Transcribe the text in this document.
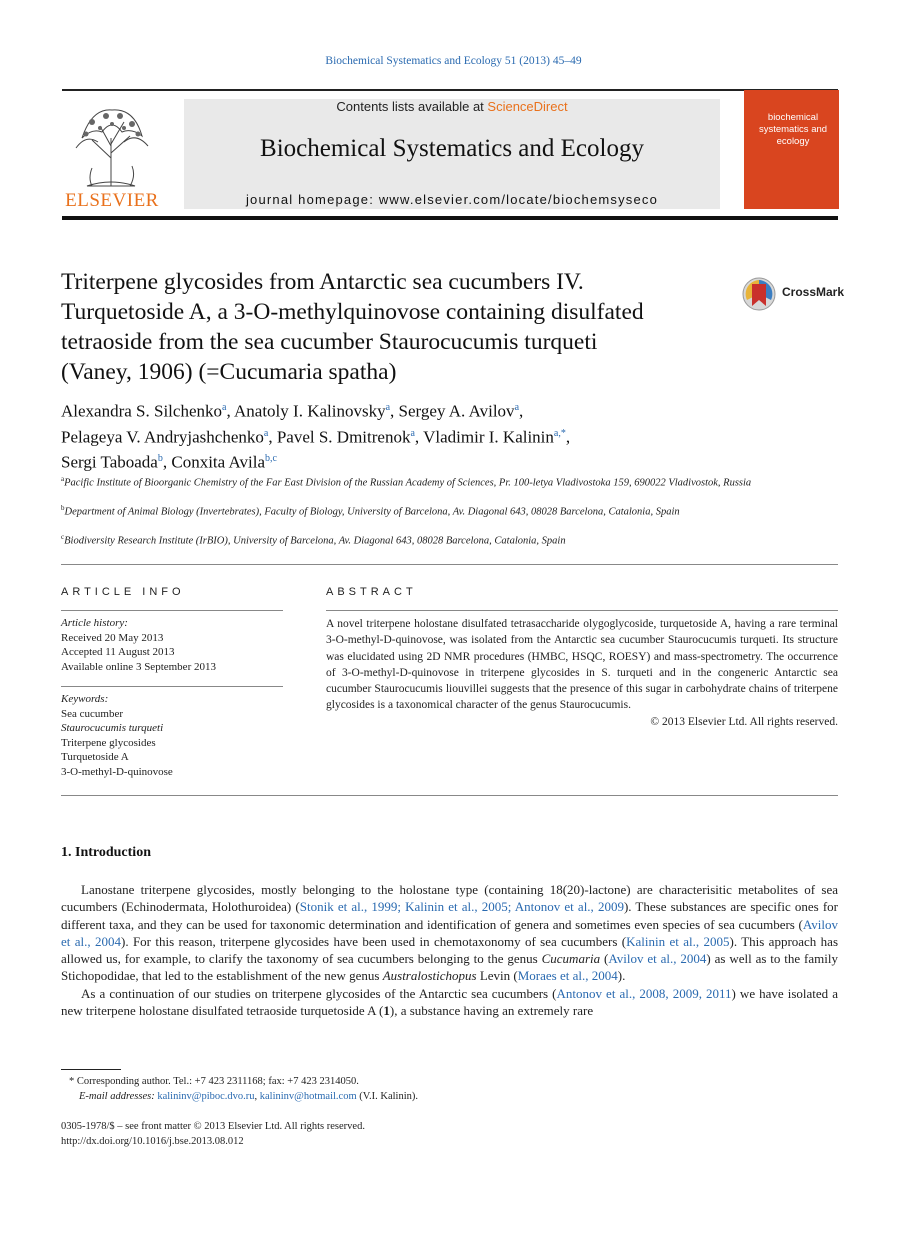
Biochemical Systematics and Ecology 51 (2013) 45–49
ELSEVIER
Contents lists available at ScienceDirect
Biochemical Systematics and Ecology
journal homepage: www.elsevier.com/locate/biochemsyseco
biochemical systematics and ecology
Triterpene glycosides from Antarctic sea cucumbers IV.
Turquetoside A, a 3-O-methylquinovose containing disulfated
tetraoside from the sea cucumber Staurocucumis turqueti
(Vaney, 1906) (=Cucumaria spatha)
CrossMark
Alexandra S. Silchenko$^a$, Anatoly I. Kalinovsky$^a$, Sergey A. Avilov$^a$,
Pelageya V. Andryjashchenko$^a$, Pavel S. Dmitrenok$^a$, Vladimir I. Kalinin$^{a,*}$,
Sergi Taboada$^b$, Conxita Avila$^{b,c}$
$^a$Pacific Institute of Bioorganic Chemistry of the Far East Division of the Russian Academy of Sciences, Pr. 100-letya Vladivostoka 159, 690022 Vladivostok, Russia
$^b$Department of Animal Biology (Invertebrates), Faculty of Biology, University of Barcelona, Av. Diagonal 643, 08028 Barcelona, Catalonia, Spain
$^c$Biodiversity Research Institute (IrBIO), University of Barcelona, Av. Diagonal 643, 08028 Barcelona, Catalonia, Spain
ARTICLE INFO
Article history:
Received 20 May 2013
Accepted 11 August 2013
Available online 3 September 2013
Keywords:
Sea cucumber
Staurocucumis turqueti
Triterpene glycosides
Turquetoside A
3-O-methyl-D-quinovose
ABSTRACT
A novel triterpene holostane disulfated tetrasaccharide olygoglycoside, turquetoside A, having a rare terminal 3-O-methyl-D-quinovose, was isolated from the Antarctic sea cucumber Staurocucumis turqueti. Its structure was elucidated using 2D NMR procedures (HMBC, HSQC, ROESY) and mass-spectrometry. The occurrence of 3-O-methyl-D-quinovose in triterpene glycosides in S. turqueti and in the congeneric Antarctic sea cucumber Staurocucumis liouvillei suggests that the presence of this sugar in carbohydrate chains of triterpene glycosides is a taxonomical character of the genus Staurocucumis.
© 2013 Elsevier Ltd. All rights reserved.
1. Introduction

Lanostane triterpene glycosides, mostly belonging to the holostane type (containing 18(20)-lactone) are characterisitic metabolites of sea cucumbers (Echinodermata, Holothuroidea) (Stonik et al., 1999; Kalinin et al., 2005; Antonov et al., 2009). These substances are specific ones for different taxa, and they can be used for taxonomic determination and identification of genera and sometimes even species of sea cucumbers (Avilov et al., 2004). For this reason, triterpene glycosides have been used in chemotaxonomy of sea cucumbers (Kalinin et al., 2005). This approach has allowed us, for example, to clarify the taxonomy of sea cucumbers belonging to the genus Cucumaria (Avilov et al., 2004) as well as to the family Stichopodidae, that led to the establishment of the new genus Australostichopus Levin (Moraes et al., 2004).

As a continuation of our studies on triterpene glycosides of the Antarctic sea cucumbers (Antonov et al., 2008, 2009, 2011) we have isolated a new triterpene holostane disulfated tetraoside turquetoside A (1), a substance having an extremely rare

* Corresponding author. Tel.: +7 423 2311168; fax: +7 423 2314050.
E-mail addresses: kalininv@piboc.dvo.ru, kalininv@hotmail.com (V.I. Kalinin).
0305-1978/$ – see front matter © 2013 Elsevier Ltd. All rights reserved.
http://dx.doi.org/10.1016/j.bse.2013.08.012
